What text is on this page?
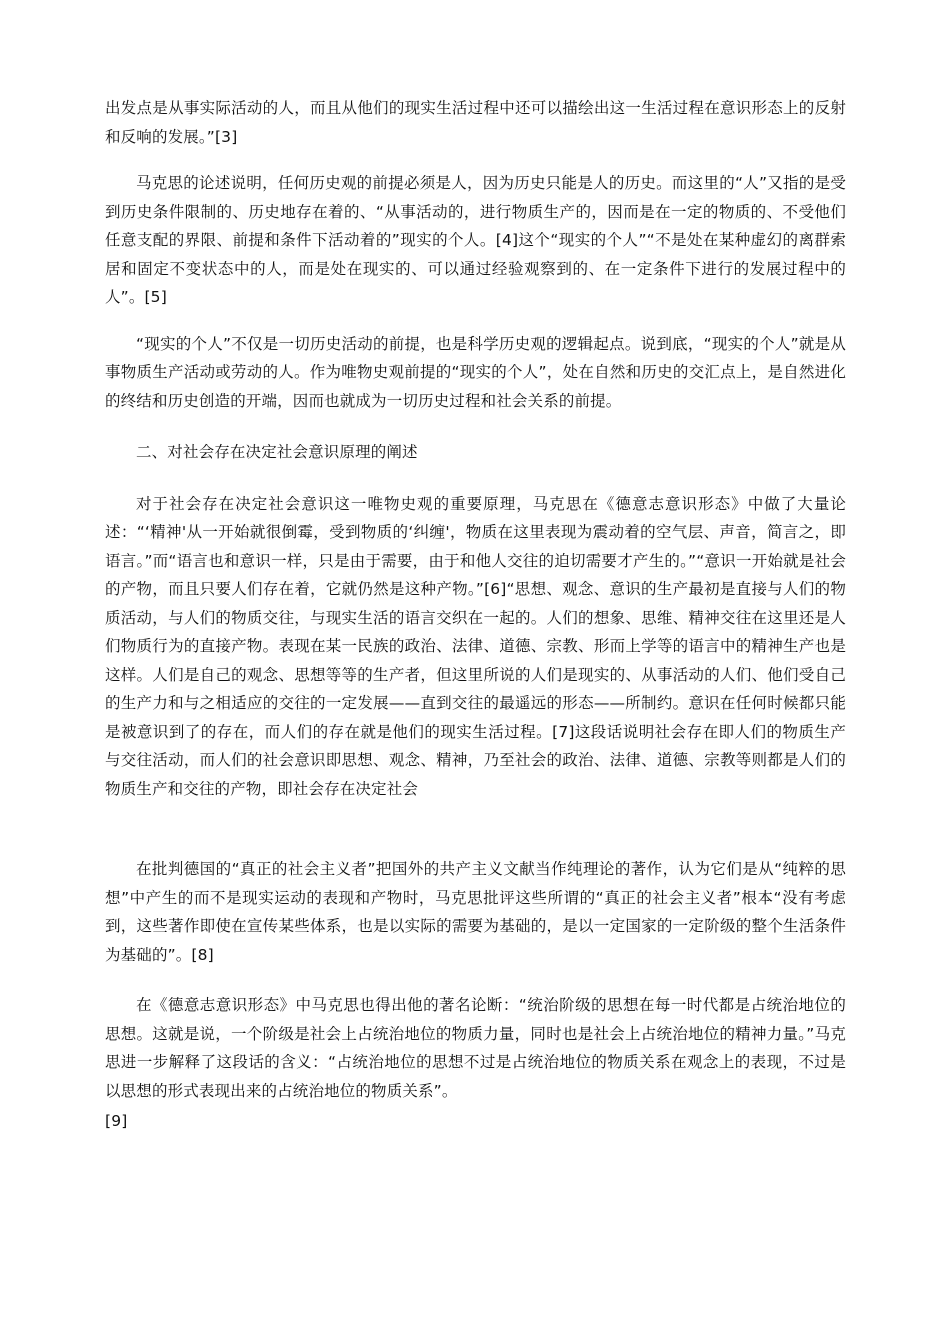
出发点是从事实际活动的人，而且从他们的现实生活过程中还可以描绘出这一生活过程在意识形态上的反射和反响的发展。”[3]

马克思的论述说明，任何历史观的前提必须是人，因为历史只能是人的历史。而这里的“人”又指的是受到历史条件限制的、历史地存在着的、“从事活动的，进行物质生产的，因而是在一定的物质的、不受他们任意支配的界限、前提和条件下活动着的”现实的个人。[4]这个“现实的个人”“不是处在某种虚幻的离群索居和固定不变状态中的人，而是处在现实的、可以通过经验观察到的、在一定条件下进行的发展过程中的人”。[5]

“现实的个人”不仅是一切历史活动的前提，也是科学历史观的逻辑起点。说到底，“现实的个人”就是从事物质生产活动或劳动的人。作为唯物史观前提的“现实的个人”，处在自然和历史的交汇点上，是自然进化的终结和历史创造的开端，因而也就成为一切历史过程和社会关系的前提。

二、对社会存在决定社会意识原理的阐述

对于社会存在决定社会意识这一唯物史观的重要原理，马克思在《德意志意识形态》中做了大量论述：“‘精神'从一开始就很倒霉，受到物质的‘纠缠'，物质在这里表现为震动着的空气层、声音，简言之，即语言。”而“语言也和意识一样，只是由于需要，由于和他人交往的迫切需要才产生的。”“意识一开始就是社会的产物，而且只要人们存在着，它就仍然是这种产物。”[6]“思想、观念、意识的生产最初是直接与人们的物质活动，与人们的物质交往，与现实生活的语言交织在一起的。人们的想象、思维、精神交往在这里还是人们物质行为的直接产物。表现在某一民族的政治、法律、道德、宗教、形而上学等的语言中的精神生产也是这样。人们是自己的观念、思想等等的生产者，但这里所说的人们是现实的、从事活动的人们、他们受自己的生产力和与之相适应的交往的一定发展——直到交往的最遥远的形态——所制约。意识在任何时候都只能是被意识到了的存在，而人们的存在就是他们的现实生活过程。[7]这段话说明社会存在即人们的物质生产与交往活动，而人们的社会意识即思想、观念、精神，乃至社会的政治、法律、道德、宗教等则都是人们的物质生产和交往的产物，即社会存在决定社会

在批判德国的“真正的社会主义者”把国外的共产主义文献当作纯理论的著作，认为它们是从“纯粹的思想”中产生的而不是现实运动的表现和产物时，马克思批评这些所谓的“真正的社会主义者”根本“没有考虑到，这些著作即使在宣传某些体系，也是以实际的需要为基础的，是以一定国家的一定阶级的整个生活条件为基础的”。[8]

在《德意志意识形态》中马克思也得出他的著名论断：“统治阶级的思想在每一时代都是占统治地位的思想。这就是说，一个阶级是社会上占统治地位的物质力量，同时也是社会上占统治地位的精神力量。”马克思进一步解释了这段话的含义：“占统治地位的思想不过是占统治地位的物质关系在观念上的表现，不过是以思想的形式表现出来的占统治地位的物质关系”。

[9]
